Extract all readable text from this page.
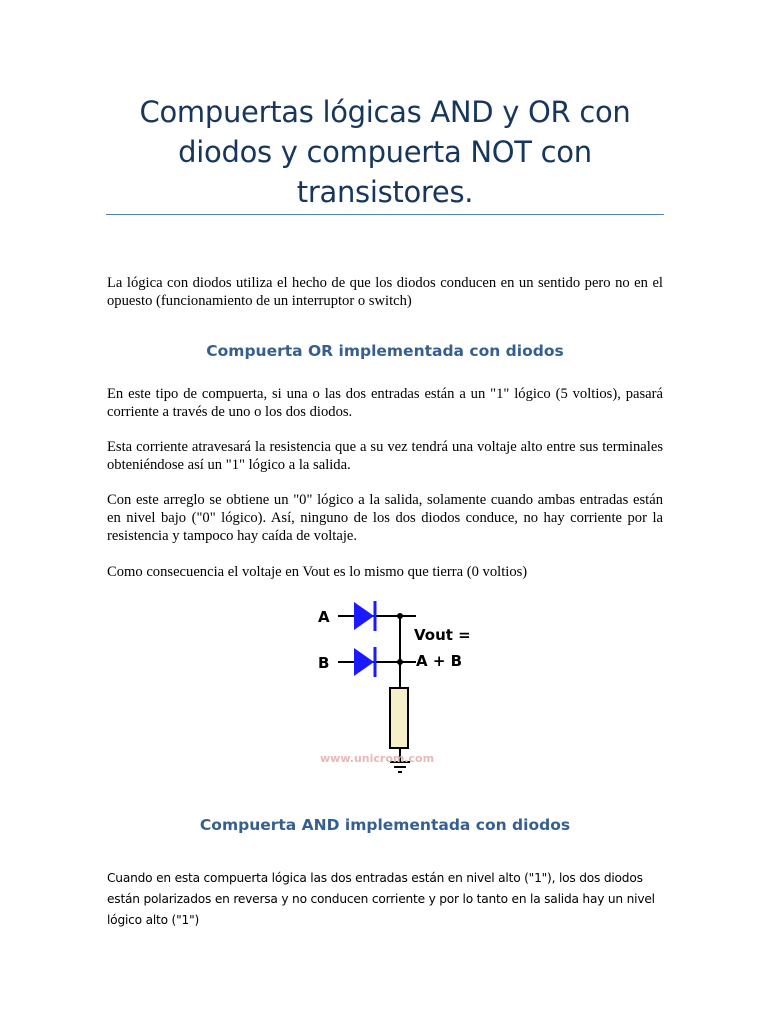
Compuertas lógicas AND y OR con diodos y compuerta NOT con transistores.
La lógica con diodos utiliza el hecho de que los diodos conducen en un sentido pero no en el opuesto (funcionamiento de un interruptor o switch)
Compuerta OR implementada con diodos
En este tipo de compuerta, si una o las dos entradas están a un "1" lógico (5 voltios), pasará corriente a través de uno o los dos diodos.
Esta corriente atravesará la resistencia que a su vez tendrá una voltaje alto entre sus terminales obteniéndose así un "1" lógico a la salida.
Con este arreglo se obtiene un "0" lógico a la salida, solamente cuando ambas entradas están en nivel bajo ("0" lógico). Así, ninguno de los dos diodos conduce, no hay corriente por la resistencia y tampoco hay caída de voltaje.
Como consecuencia el voltaje en Vout es lo mismo que tierra (0 voltios)
A
B
Vout =
A + B
www.unicrom.com
Compuerta AND implementada con diodos
Cuando en esta compuerta lógica las dos entradas están en nivel alto ("1"), los dos diodos están polarizados en reversa y no conducen corriente y por lo tanto en la salida hay un nivel lógico alto ("1")
